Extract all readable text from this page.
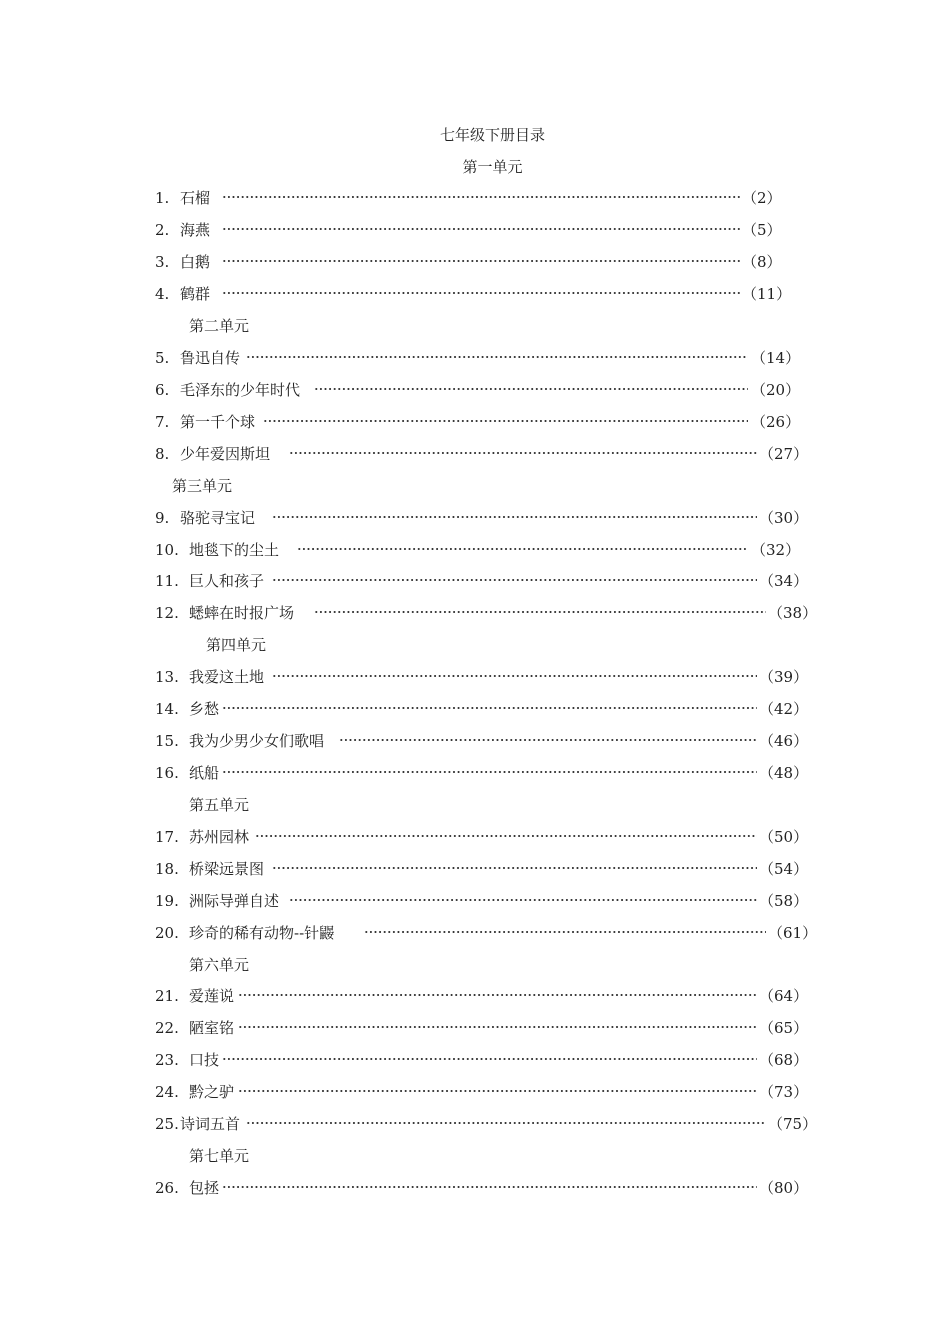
七年级下册目录
第一单元
1. 石榴	（2）
2. 海燕	（5）
3. 白鹅	（8）
4. 鹤群	（11）
第二单元
5. 鲁迅自传	（14）
6. 毛泽东的少年时代	（20）
7. 第一千个球	（26）
8. 少年爱因斯坦	（27）
第三单元
9. 骆驼寻宝记	（30）
10. 地毯下的尘土	（32）
11. 巨人和孩子	（34）
12. 蟋蟀在时报广场	（38）
第四单元
13. 我爱这土地	（39）
14. 乡愁	（42）
15. 我为少男少女们歌唱	（46）
16. 纸船	（48）
第五单元
17. 苏州园林	（50）
18. 桥梁远景图	（54）
19. 洲际导弹自述	（58）
20. 珍奇的稀有动物--针鼹	（61）
第六单元
21. 爱莲说	（64）
22. 陋室铭	（65）
23. 口技	（68）
24. 黔之驴	（73）
25. 诗词五首	（75）
第七单元
26. 包拯	（80）
